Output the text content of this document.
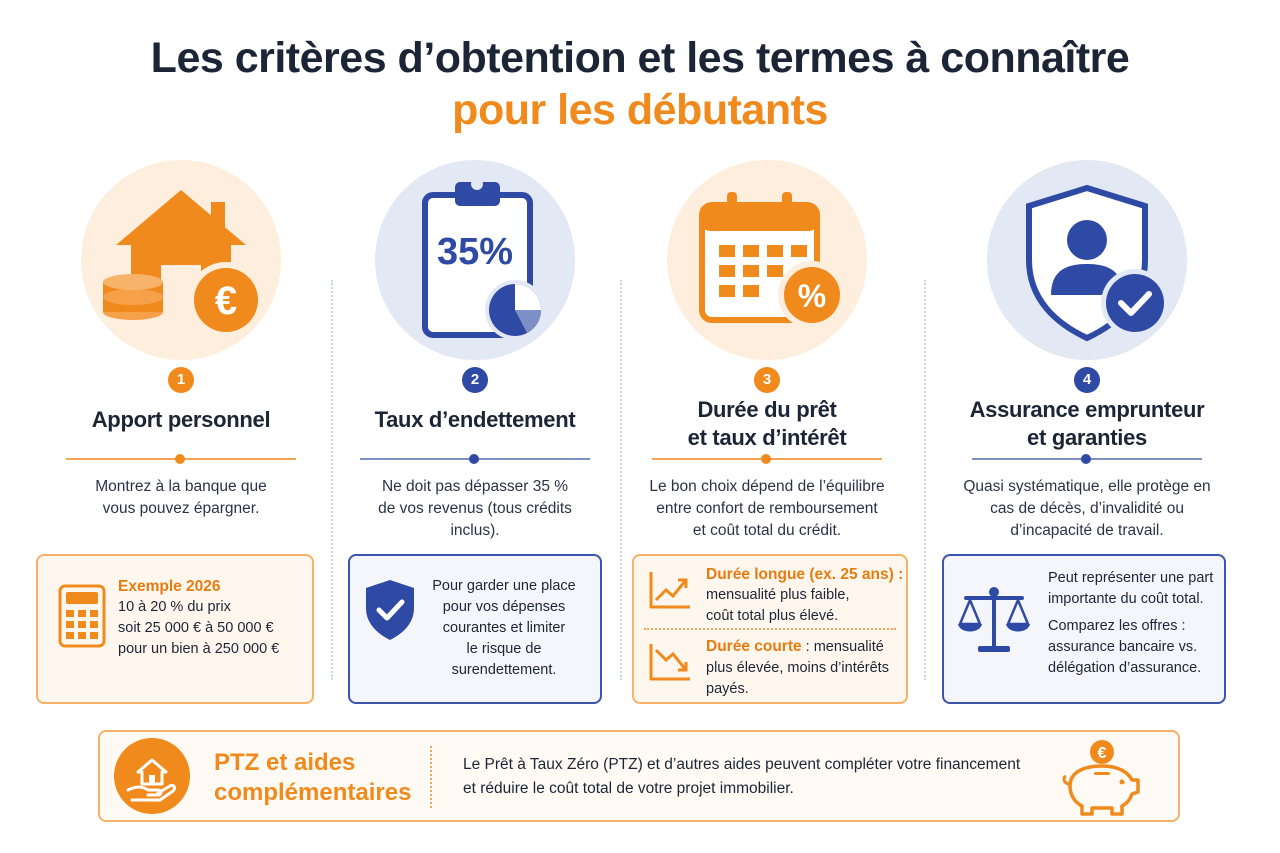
Les critères d’obtention et les termes à connaître
pour les débutants
€
1
Apport personnel
Montrez à la banque que
vous pouvez épargner.
Exemple 2026
10 à 20 % du prix
soit 25 000 € à 50 000 €
pour un bien à 250 000 €
35%
2
Taux d’endettement
Ne doit pas dépasser 35 %
de vos revenus (tous crédits
inclus).
Pour garder une place
pour vos dépenses
courantes et limiter
le risque de surendettement.
%
3
Durée du prêt
et taux d’intérêt
Le bon choix dépend de l’équilibre
entre confort de remboursement
et coût total du crédit.
Durée longue (ex. 25 ans) :
mensualité plus faible,
coût total plus élevé.
Durée courte : mensualité
plus élevée, moins d’intérêts
payés.
4
Assurance emprunteur
et garanties
Quasi systématique, elle protège en
cas de décès, d’invalidité ou
d’incapacité de travail.
Peut représenter une part
importante du coût total.
Comparez les offres :
assurance bancaire vs.
délégation d’assurance.
PTZ et aides
complémentaires
Le Prêt à Taux Zéro (PTZ) et d’autres aides peuvent compléter votre financement
et réduire le coût total de votre projet immobilier.
€
